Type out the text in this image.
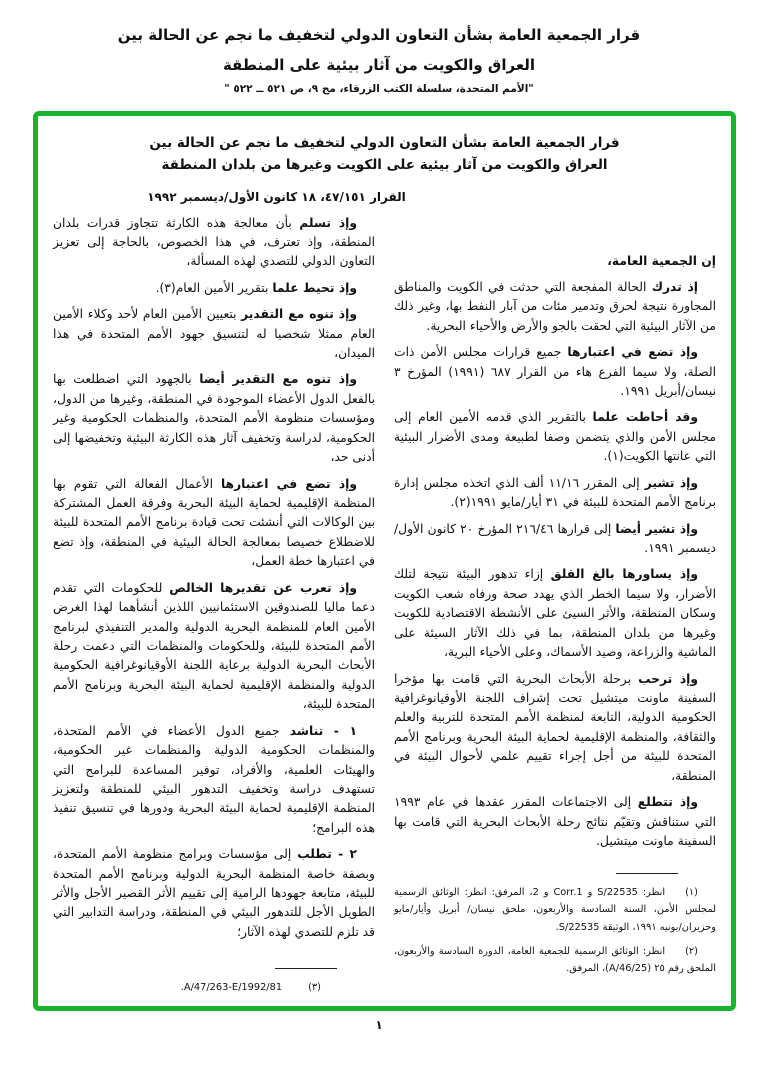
قرار الجمعية العامة بشأن التعاون الدولي لتخفيف ما نجم عن الحالة بين
العراق والكويت من آثار بيئية على المنطقة
"الأمم المتحدة، سلسلة الكتب الزرقاء، مج ٩، ص ٥٢١ ــ ٥٢٢ "
قرار الجمعية العامة بشأن التعاون الدولي لتخفيف ما نجم عن الحالة بين
العراق والكويت من آثار بيئية على الكويت وغيرها من بلدان المنطقة
القرار ٤٧/١٥١، ١٨ كانون الأول/ديسمبر ١٩٩٢

إن الجمعية العامة،

إذ تدرك الحالة المفجعة التي حدثت في الكويت والمناطق المجاورة نتيجة لحرق وتدمير مئات من آبار النفط بها، وغير ذلك من الآثار البيئية التي لحقت بالجو والأرض والأحياء البحرية.

وإذ تضع في اعتبارها جميع قرارات مجلس الأمن ذات الصلة، ولا سيما الفرع هاء من القرار ٦٨٧ (١٩٩١) المؤرخ ٣ نيسان/أبريل ١٩٩١.

وقد أحاطت علما بالتقرير الذي قدمه الأمين العام إلى مجلس الأمن والذي يتضمن وصفا لطبيعة ومدى الأضرار البيئية التي عانتها الكويت(١).

وإذ تشير إلى المقرر ١١/١٦ ألف الذي اتخذه مجلس إدارة برنامج الأمم المتحدة للبيئة في ٣١ أيار/مايو ١٩٩١(٢).

وإذ تشير أيضا إلى قرارها ٢١٦/٤٦ المؤرخ ٢٠ كانون الأول/ ديسمبر ١٩٩١.

وإذ يساورها بالغ القلق إزاء تدهور البيئة نتيجة لتلك الأضرار، ولا سيما الخطر الذي يهدد صحة ورفاه شعب الكويت وسكان المنطقة، والأثر السيئ على الأنشطة الاقتصادية للكويت وغيرها من بلدان المنطقة، بما في ذلك الآثار السيئة على الماشية والزراعة، وصيد الأسماك، وعلى الأحياء البرية،

وإذ ترحب برحلة الأبحاث البحرية التي قامت بها مؤخرا السفينة ماونت ميتشيل تحت إشراف اللجنة الأوقيانوغرافية الحكومية الدولية، التابعة لمنظمة الأمم المتحدة للتربية والعلم والثقافة، والمنظمة الإقليمية لحماية البيئة البحرية وبرنامج الأمم المتحدة للبيئة من أجل إجراء تقييم علمي لأحوال البيئة في المنطقة،

وإذ تتطلع إلى الاجتماعات المقرر عقدها في عام ١٩٩٣ التي ستناقش وتقيّم نتائج رحلة الأبحاث البحرية التي قامت بها السفينة ماونت ميتشيل.

(١)انظر: S/22535 و Corr.1 و 2، المرفق: انظر: الوثائق الرسمية لمجلس الأمن، السنة السادسة والأربعون، ملحق نيسان/ أبريل وأيار/مايو وحزيران/يونيه ١٩٩١، الوثيقة S/22535.

(٢)انظر: الوثائق الرسمية للجمعية العامة، الدورة السادسة والأربعون، الملحق رقم ٢٥ (A/46/25)، المرفق.

وإذ تسلم بأن معالجة هذه الكارثة تتجاوز قدرات بلدان المنطقة، وإذ تعترف، في هذا الخصوص، بالحاجة إلى تعزيز التعاون الدولي للتصدي لهذه المسألة،

وإذ تحيط علما بتقرير الأمين العام(٣).

وإذ تنوه مع التقدير بتعيين الأمين العام لأحد وكلاء الأمين العام ممثلا شخصيا له لتنسيق جهود الأمم المتحدة في هذا الميدان،

وإذ تنوه مع التقدير أيضا بالجهود التي اضطلعت بها بالفعل الدول الأعضاء الموجودة في المنطقة، وغيرها من الدول، ومؤسسات منظومة الأمم المتحدة، والمنظمات الحكومية وغير الحكومية، لدراسة وتخفيف آثار هذه الكارثة البيئية وتخفيضها إلى أدنى حد،

وإذ تضع في اعتبارها الأعمال الفعالة التي تقوم بها المنظمة الإقليمية لحماية البيئة البحرية وفرقة العمل المشتركة بين الوكالات التي أنشئت تحت قيادة برنامج الأمم المتحدة للبيئة للاضطلاع خصيصا بمعالجة الحالة البيئية في المنطقة، وإذ تضع في اعتبارها خطة العمل،

وإذ تعرب عن تقديرها الخالص للحكومات التي تقدم دعما ماليا للصندوقين الاستئمانيين اللذين أنشأهما لهذا الغرض الأمين العام للمنظمة البحرية الدولية والمدير التنفيذي لبرنامج الأمم المتحدة للبيئة، وللحكومات والمنظمات التي دعمت رحلة الأبحاث البحرية الدولية برعاية اللجنة الأوقيانوغرافية الحكومية الدولية والمنظمة الإقليمية لحماية البيئة البحرية وبرنامج الأمم المتحدة للبيئة،

١ - تناشد جميع الدول الأعضاء في الأمم المتحدة، والمنظمات الحكومية الدولية والمنظمات غير الحكومية، والهيئات العلمية، والأفراد، توفير المساعدة للبرامج التي تستهدف دراسة وتخفيف التدهور البيئي للمنطقة ولتعزيز المنظمة الإقليمية لحماية البيئة البحرية ودورها في تنسيق تنفيذ هذه البرامج؛

٢ - تطلب إلى مؤسسات وبرامج منظومة الأمم المتحدة، وبصفة خاصة المنظمة البحرية الدولية وبرنامج الأمم المتحدة للبيئة، متابعة جهودها الرامية إلى تقييم الأثر القصير الأجل والأثر الطويل الأجل للتدهور البيئي في المنطقة، ودراسة التدابير التي قد تلزم للتصدي لهذه الآثار؛

(٣)A/47/263-E/1992/81.

١
